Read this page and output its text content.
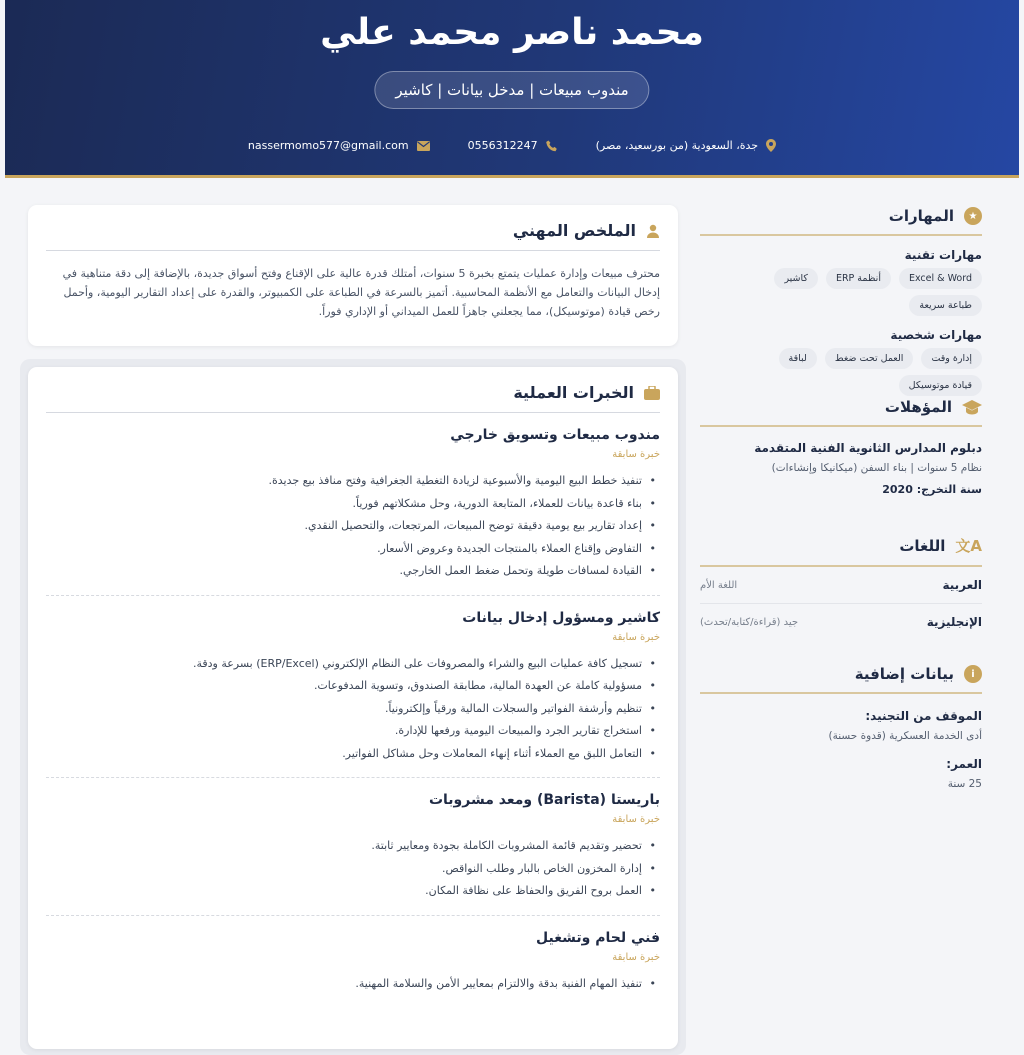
محمد ناصر محمد علي
مندوب مبيعات | مدخل بيانات | كاشير
جدة، السعودية (من بورسعيد، مصر)
0556312247
nassermomo577@gmail.com
الملخص المهني

محترف مبيعات وإدارة عمليات يتمتع بخبرة 5 سنوات، أمتلك قدرة عالية على الإقناع وفتح أسواق جديدة، بالإضافة إلى دقة متناهية في إدخال البيانات والتعامل مع الأنظمة المحاسبية. أتميز بالسرعة في الطباعة على الكمبيوتر، والقدرة على إعداد التقارير اليومية، وأحمل رخص قيادة (موتوسيكل)، مما يجعلني جاهزاً للعمل الميداني أو الإداري فوراً.

الخبرات العملية
مندوب مبيعات وتسويق خارجي
خبرة سابقة
• تنفيذ خطط البيع اليومية والأسبوعية لزيادة التغطية الجغرافية وفتح منافذ بيع جديدة.
• بناء قاعدة بيانات للعملاء، المتابعة الدورية، وحل مشكلاتهم فورياً.
• إعداد تقارير بيع يومية دقيقة توضح المبيعات، المرتجعات، والتحصيل النقدي.
• التفاوض وإقناع العملاء بالمنتجات الجديدة وعروض الأسعار.
• القيادة لمسافات طويلة وتحمل ضغط العمل الخارجي.
كاشير ومسؤول إدخال بيانات
خبرة سابقة
• تسجيل كافة عمليات البيع والشراء والمصروفات على النظام الإلكتروني (ERP/Excel) بسرعة ودقة.
• مسؤولية كاملة عن العهدة المالية، مطابقة الصندوق، وتسوية المدفوعات.
• تنظيم وأرشفة الفواتير والسجلات المالية ورقياً وإلكترونياً.
• استخراج تقارير الجرد والمبيعات اليومية ورفعها للإدارة.
• التعامل اللبق مع العملاء أثناء إنهاء المعاملات وحل مشاكل الفواتير.
باريستا (Barista) ومعد مشروبات
خبرة سابقة
• تحضير وتقديم قائمة المشروبات الكاملة بجودة ومعايير ثابتة.
• إدارة المخزون الخاص بالبار وطلب النواقص.
• العمل بروح الفريق والحفاظ على نظافة المكان.
فني لحام وتشغيل
خبرة سابقة
• تنفيذ المهام الفنية بدقة والالتزام بمعايير الأمن والسلامة المهنية.
★
المهارات
مهارات تقنية
Excel & Word
أنظمة ERP
كاشير
طباعة سريعة
مهارات شخصية
إدارة وقت
العمل تحت ضغط
لباقة
قيادة موتوسيكل
المؤهلات
دبلوم المدارس الثانوية الفنية المتقدمة
نظام 5 سنوات | بناء السفن (ميكانيكا وإنشاءات)
سنة التخرج: 2020
文A
اللغات
العربية
اللغة الأم
الإنجليزية
جيد (قراءة/كتابة/تحدث)
i
بيانات إضافية
الموقف من التجنيد:
أدى الخدمة العسكرية (قدوة حسنة)
العمر:
25 سنة
